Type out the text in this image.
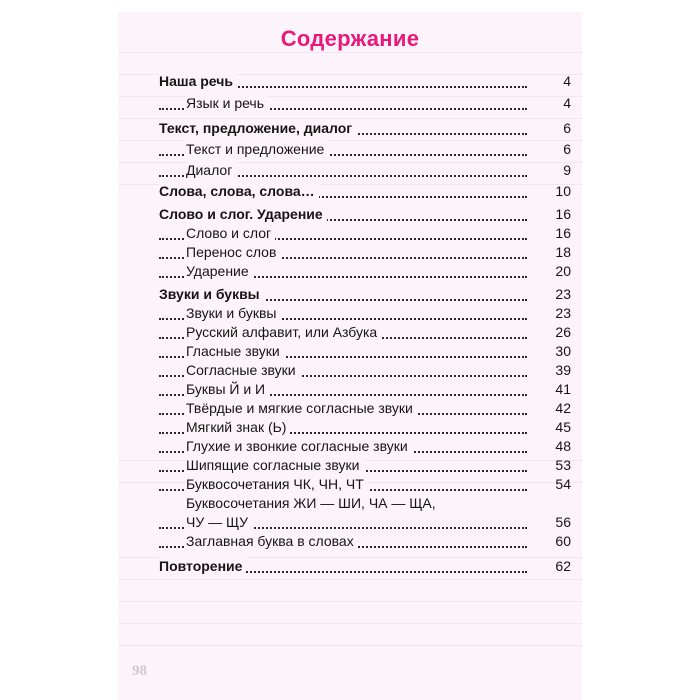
Содержание
Наша речь	4
Язык и речь	4
Текст, предложение, диалог	6
Текст и предложение	6
Диалог	9
Слова, слова, слова…	10
Слово и слог. Ударение	16
Слово и слог	16
Перенос слов	18
Ударение	20
Звуки и буквы	23
Звуки и буквы	23
Русский алфавит, или Азбука	26
Гласные звуки	30
Согласные звуки	39
Буквы Й и И	41
Твёрдые и мягкие согласные звуки	42
Мягкий знак (Ь)	45
Глухие и звонкие согласные звуки	48
Шипящие согласные звуки	53
Буквосочетания ЧК, ЧН, ЧТ	54
Буквосочетания ЖИ — ШИ, ЧА — ЩА,
ЧУ — ЩУ	56
Заглавная буква в словах	60
Повторение	62
98
